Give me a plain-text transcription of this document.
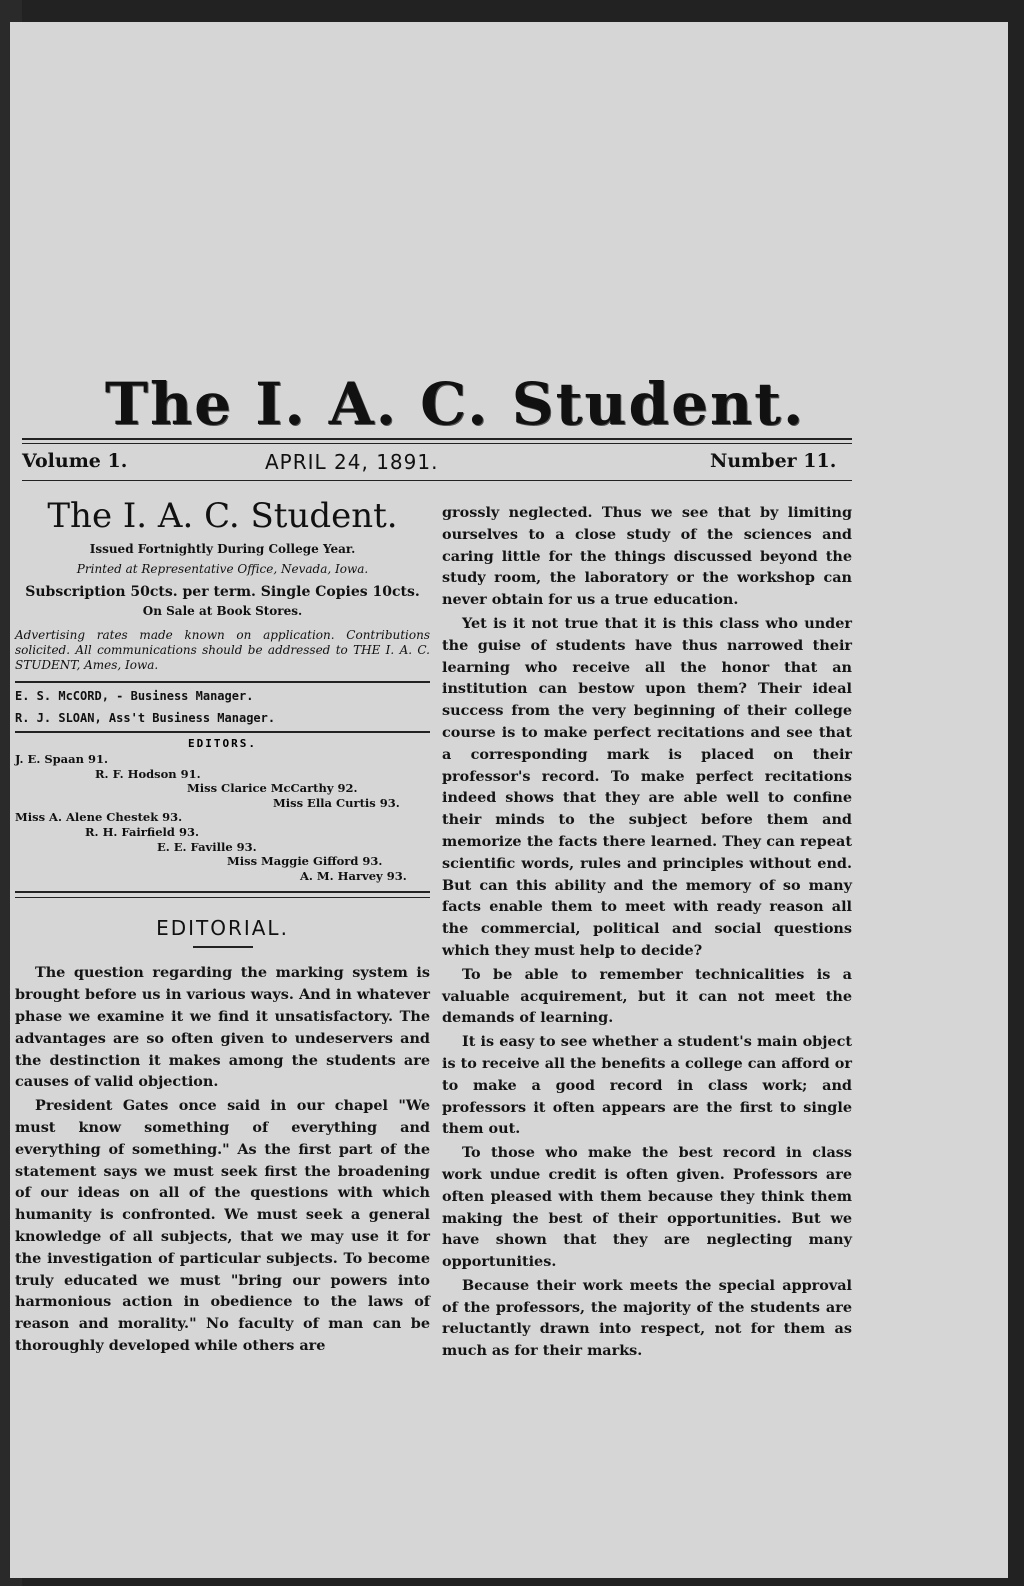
The I. A. C. Student.
Volume 1.	APRIL 24, 1891.	Number 11.
The I. A. C. Student.
Issued Fortnightly During College Year.
Printed at Representative Office, Nevada, Iowa.
Subscription 50cts. per term. Single Copies 10cts.
On Sale at Book Stores.
Advertising rates made known on application. Contributions solicited. All communications should be addressed to THE I. A. C. STUDENT, Ames, Iowa.
E. S. McCORD, - Business Manager.
R. J. SLOAN, Ass't Business Manager.
EDITORS.
J. E. Spaan 91.
R. F. Hodson 91.
Miss Clarice McCarthy 92.
Miss Ella Curtis 93.
Miss A. Alene Chestek 93.
R. H. Fairfield 93.
E. E. Faville 93.
Miss Maggie Gifford 93.
A. M. Harvey 93.
EDITORIAL.

The question regarding the marking system is brought before us in various ways. And in whatever phase we examine it we find it unsatisfactory. The advantages are so often given to undeservers and the destinction it makes among the students are causes of valid objection.

President Gates once said in our chapel "We must know something of everything and everything of something." As the first part of the statement says we must seek first the broadening of our ideas on all of the questions with which humanity is confronted. We must seek a general knowledge of all subjects, that we may use it for the investigation of particular subjects. To become truly educated we must "bring our powers into harmonious action in obedience to the laws of reason and morality." No faculty of man can be thoroughly developed while others are

grossly neglected. Thus we see that by limiting ourselves to a close study of the sciences and caring little for the things discussed beyond the study room, the laboratory or the workshop can never obtain for us a true education.

Yet is it not true that it is this class who under the guise of students have thus narrowed their learning who receive all the honor that an institution can bestow upon them? Their ideal success from the very beginning of their college course is to make perfect recitations and see that a corresponding mark is placed on their professor's record. To make perfect recitations indeed shows that they are able well to confine their minds to the subject before them and memorize the facts there learned. They can repeat scientific words, rules and principles without end. But can this ability and the memory of so many facts enable them to meet with ready reason all the commercial, political and social questions which they must help to decide?

To be able to remember technicalities is a valuable acquirement, but it can not meet the demands of learning.

It is easy to see whether a student's main object is to receive all the benefits a college can afford or to make a good record in class work; and professors it often appears are the first to single them out.

To those who make the best record in class work undue credit is often given. Professors are often pleased with them because they think them making the best of their opportunities. But we have shown that they are neglecting many opportunities.

Because their work meets the special approval of the professors, the majority of the students are reluctantly drawn into respect, not for them as much as for their marks.
